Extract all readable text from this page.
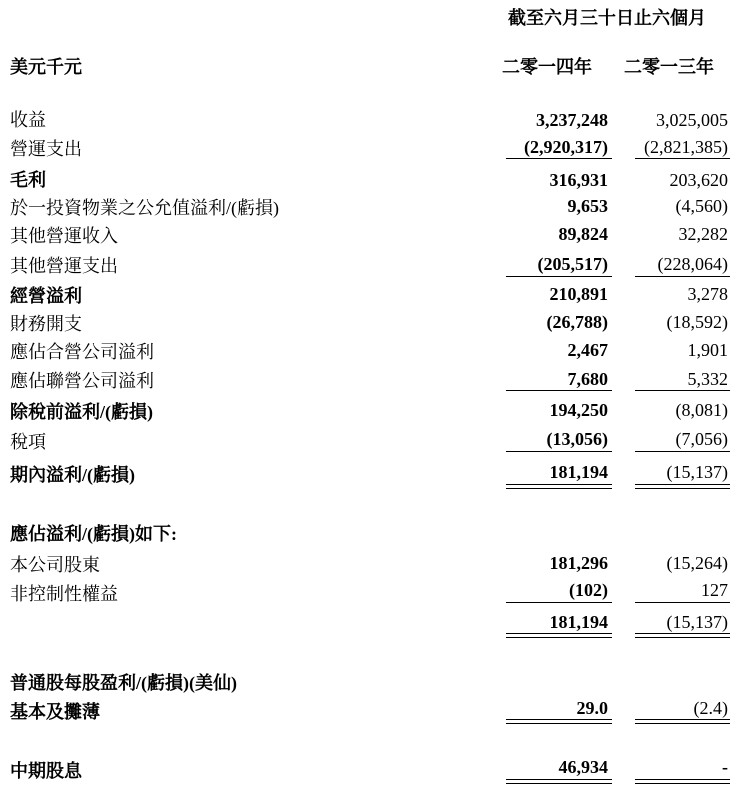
截至六月三十日止六個月
美元千元	二零一四年 二零一三年
收益	3,237,248	3,025,005
營運支出	(2,920,317) (2,821,385)
毛利	316,931	203,620
於一投資物業之公允值溢利/(虧損)	9,653	(4,560)
其他營運收入	89,824	32,282
其他營運支出	(205,517)	(228,064)
經營溢利	210,891	3,278
財務開支	(26,788)	(18,592)
應佔合營公司溢利	2,467	1,901
應佔聯營公司溢利	7,680	5,332
除稅前溢利/(虧損)	194,250	(8,081)
稅項	(13,056)	(7,056)
期內溢利/(虧損)	181,194	(15,137)
應佔溢利/(虧損)如下:
本公司股東	181,296	(15,264)
非控制性權益	(102)	127
181,194	(15,137)
普通股每股盈利/(虧損)(美仙)
基本及攤薄	29.0	(2.4)
中期股息	46,934	-
